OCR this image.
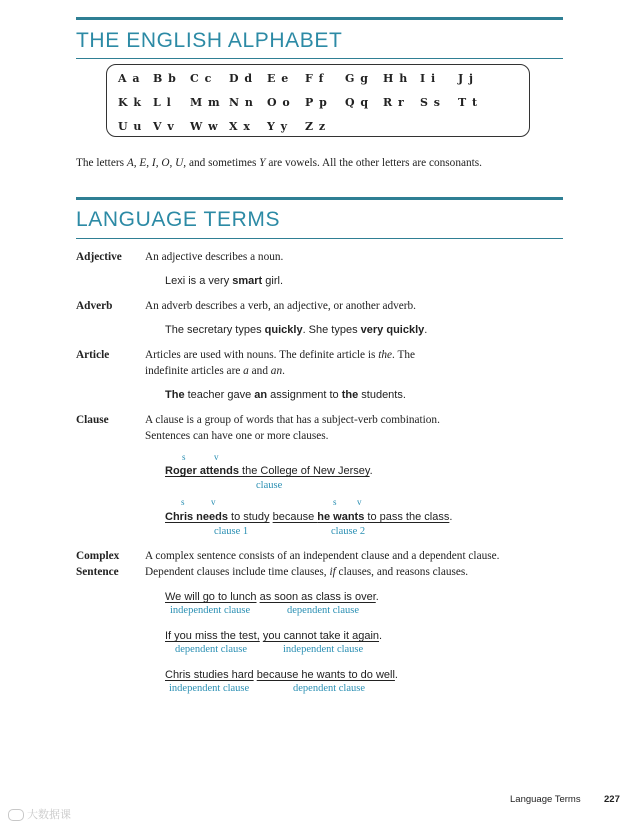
THE ENGLISH ALPHABET
A a B b C c D d E e F f G g H h I i J j
K k L l M m N n O o P p Q q R r S s T t
U u V v W w X x Y y Z z
The letters A, E, I, O, U, and sometimes Y are vowels. All the other letters are consonants.
LANGUAGE TERMS
Adjective An adjective describes a noun.
Lexi is a very smart girl.
Adverb	An adverb describes a verb, an adjective, or another adverb.
The secretary types quickly. She types very quickly.
Article	Articles are used with nouns. The definite article is the. The
indefinite articles are a and an.
The teacher gave an assignment to the students.
Clause	A clause is a group of words that has a subject-verb combination.
Sentences can have one or more clauses.
s	v
Roger attends the College of New Jersey.
clause
s	v	s v
Chris needs to study because he wants to pass the class.
clause 1	clause 2
Complex
Sentence
A complex sentence consists of an independent clause and a dependent clause.
Dependent clauses include time clauses, if clauses, and reasons clauses.
We will go to lunch as soon as class is over.
independent clause	dependent clause
If you miss the test, you cannot take it again.
dependent clause	independent clause
Chris studies hard because he wants to do well.
independent clause	dependent clause
Language Terms 227
大数据课
